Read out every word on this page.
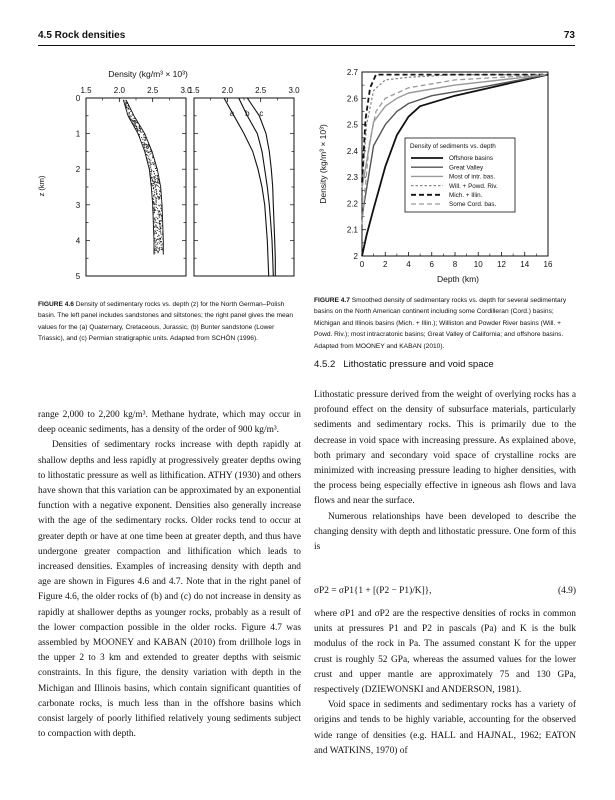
4.5 Rock densities	73
Density (kg/m³ × 10³)
z (km)
1.5	2.0	2.5	3.0
0
1
2
3
4
5
1.5	2.0	2.5	3.0
a b c
FIGURE 4.6 Density of sedimentary rocks vs. depth (z) for the North German–Polish basin. The left panel includes sandstones and siltstones; the right panel gives the mean values for the (a) Quaternary, Cretaceous, Jurassic, (b) Bunter sandstone (Lower Triassic), and (c) Permian stratigraphic units. Adapted from SCHÖN (1996).
Density (kg/m³ × 10³)
Depth (km)
0 2 4 6 8 10 12 14 16
2
2.1
2.2
2.3
2.4
2.5
2.6
2.7
Density of sediments vs. depth
Offshore basins
Great Valley
Most of intr. bas.
Will. + Powd. Riv.
Mich. + Illin.
Some Cord. bas.
FIGURE 4.7 Smoothed density of sedimentary rocks vs. depth for several sedimentary basins on the North American continent including some Cordilleran (Cord.) basins; Michigan and Illinois basins (Mich. + Illin.); Williston and Powder River basins (Will. + Powd. Riv.); most intracratonic basins; Great Valley of California; and offshore basins. Adapted from MOONEY and KABAN (2010).

range 2,000 to 2,200 kg/m³. Methane hydrate, which may occur in deep oceanic sediments, has a density of the order of 900 kg/m³.

Densities of sedimentary rocks increase with depth rapidly at shallow depths and less rapidly at progressively greater depths owing to lithostatic pressure as well as lithification. ATHY (1930) and others have shown that this variation can be approximated by an exponential function with a negative exponent. Densities also generally increase with the age of the sedimentary rocks. Older rocks tend to occur at greater depth or have at one time been at greater depth, and thus have undergone greater compaction and lithification which leads to increased densities. Examples of increasing density with depth and age are shown in Figures 4.6 and 4.7. Note that in the right panel of Figure 4.6, the older rocks of (b) and (c) do not increase in density as rapidly at shallower depths as younger rocks, probably as a result of the lower compaction possible in the older rocks. Figure 4.7 was assembled by MOONEY and KABAN (2010) from drillhole logs in the upper 2 to 3 km and extended to greater depths with seismic constraints. In this figure, the density variation with depth in the Michigan and Illinois basins, which contain significant quantities of carbonate rocks, is much less than in the offshore basins which consist largely of poorly lithified relatively young sediments subject to compaction with depth.

4.5.2 Lithostatic pressure and void space

Lithostatic pressure derived from the weight of overlying rocks has a profound effect on the density of subsurface materials, particularly sediments and sedimentary rocks. This is primarily due to the decrease in void space with increasing pressure. As explained above, both primary and secondary void space of crystalline rocks are minimized with increasing pressure leading to higher densities, with the process being especially effective in igneous ash flows and lava flows and near the surface.

Numerous relationships have been developed to describe the changing density with depth and lithostatic pressure. One form of this is

σP2 = σP1{1 + [(P2 − P1)/K]},	(4.9)

where σP1 and σP2 are the respective densities of rocks in common units at pressures P1 and P2 in pascals (Pa) and K is the bulk modulus of the rock in Pa. The assumed constant K for the upper crust is roughly 52 GPa, whereas the assumed values for the lower crust and upper mantle are approximately 75 and 130 GPa, respectively (DZIEWONSKI and ANDERSON, 1981).

Void space in sediments and sedimentary rocks has a variety of origins and tends to be highly variable, accounting for the observed wide range of densities (e.g. HALL and HAJNAL, 1962; EATON and WATKINS, 1970) of
